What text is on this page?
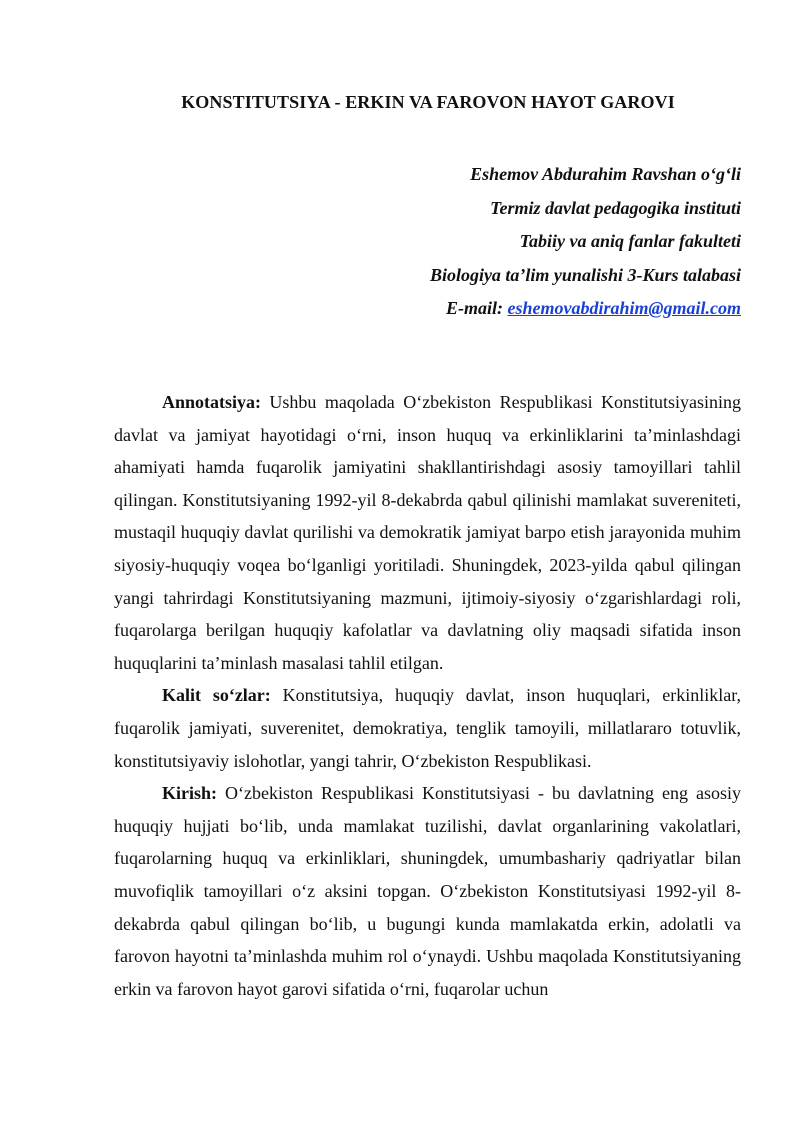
KONSTITUTSIYA - ERKIN VA FAROVON HAYOT GAROVI
Eshemov Abdurahim Ravshan o‘g‘li
Termiz davlat pedagogika instituti
Tabiiy va aniq fanlar fakulteti
Biologiya ta’lim yunalishi 3-Kurs talabasi
E-mail: eshemovabdirahim@gmail.com

Annotatsiya: Ushbu maqolada O‘zbekiston Respublikasi Konstitutsiyasining davlat va jamiyat hayotidagi o‘rni, inson huquq va erkinliklarini ta’minlashdagi ahamiyati hamda fuqarolik jamiyatini shakllantirishdagi asosiy tamoyillari tahlil qilingan. Konstitutsiyaning 1992-yil 8-dekabrda qabul qilinishi mamlakat suvereniteti, mustaqil huquqiy davlat qurilishi va demokratik jamiyat barpo etish jarayonida muhim siyosiy-huquqiy voqea bo‘lganligi yoritiladi. Shuningdek, 2023-yilda qabul qilingan yangi tahrirdagi Konstitutsiyaning mazmuni, ijtimoiy-siyosiy o‘zgarishlardagi roli, fuqarolarga berilgan huquqiy kafolatlar va davlatning oliy maqsadi sifatida inson huquqlarini ta’minlash masalasi tahlil etilgan.

Kalit so‘zlar: Konstitutsiya, huquqiy davlat, inson huquqlari, erkinliklar, fuqarolik jamiyati, suverenitet, demokratiya, tenglik tamoyili, millatlararo totuvlik, konstitutsiyaviy islohotlar, yangi tahrir, O‘zbekiston Respublikasi.

Kirish: O‘zbekiston Respublikasi Konstitutsiyasi - bu davlatning eng asosiy huquqiy hujjati bo‘lib, unda mamlakat tuzilishi, davlat organlarining vakolatlari, fuqarolarning huquq va erkinliklari, shuningdek, umumbashariy qadriyatlar bilan muvofiqlik tamoyillari o‘z aksini topgan. O‘zbekiston Konstitutsiyasi 1992-yil 8-dekabrda qabul qilingan bo‘lib, u bugungi kunda mamlakatda erkin, adolatli va farovon hayotni ta’minlashda muhim rol o‘ynaydi. Ushbu maqolada Konstitutsiyaning erkin va farovon hayot garovi sifatida o‘rni, fuqarolar uchun
